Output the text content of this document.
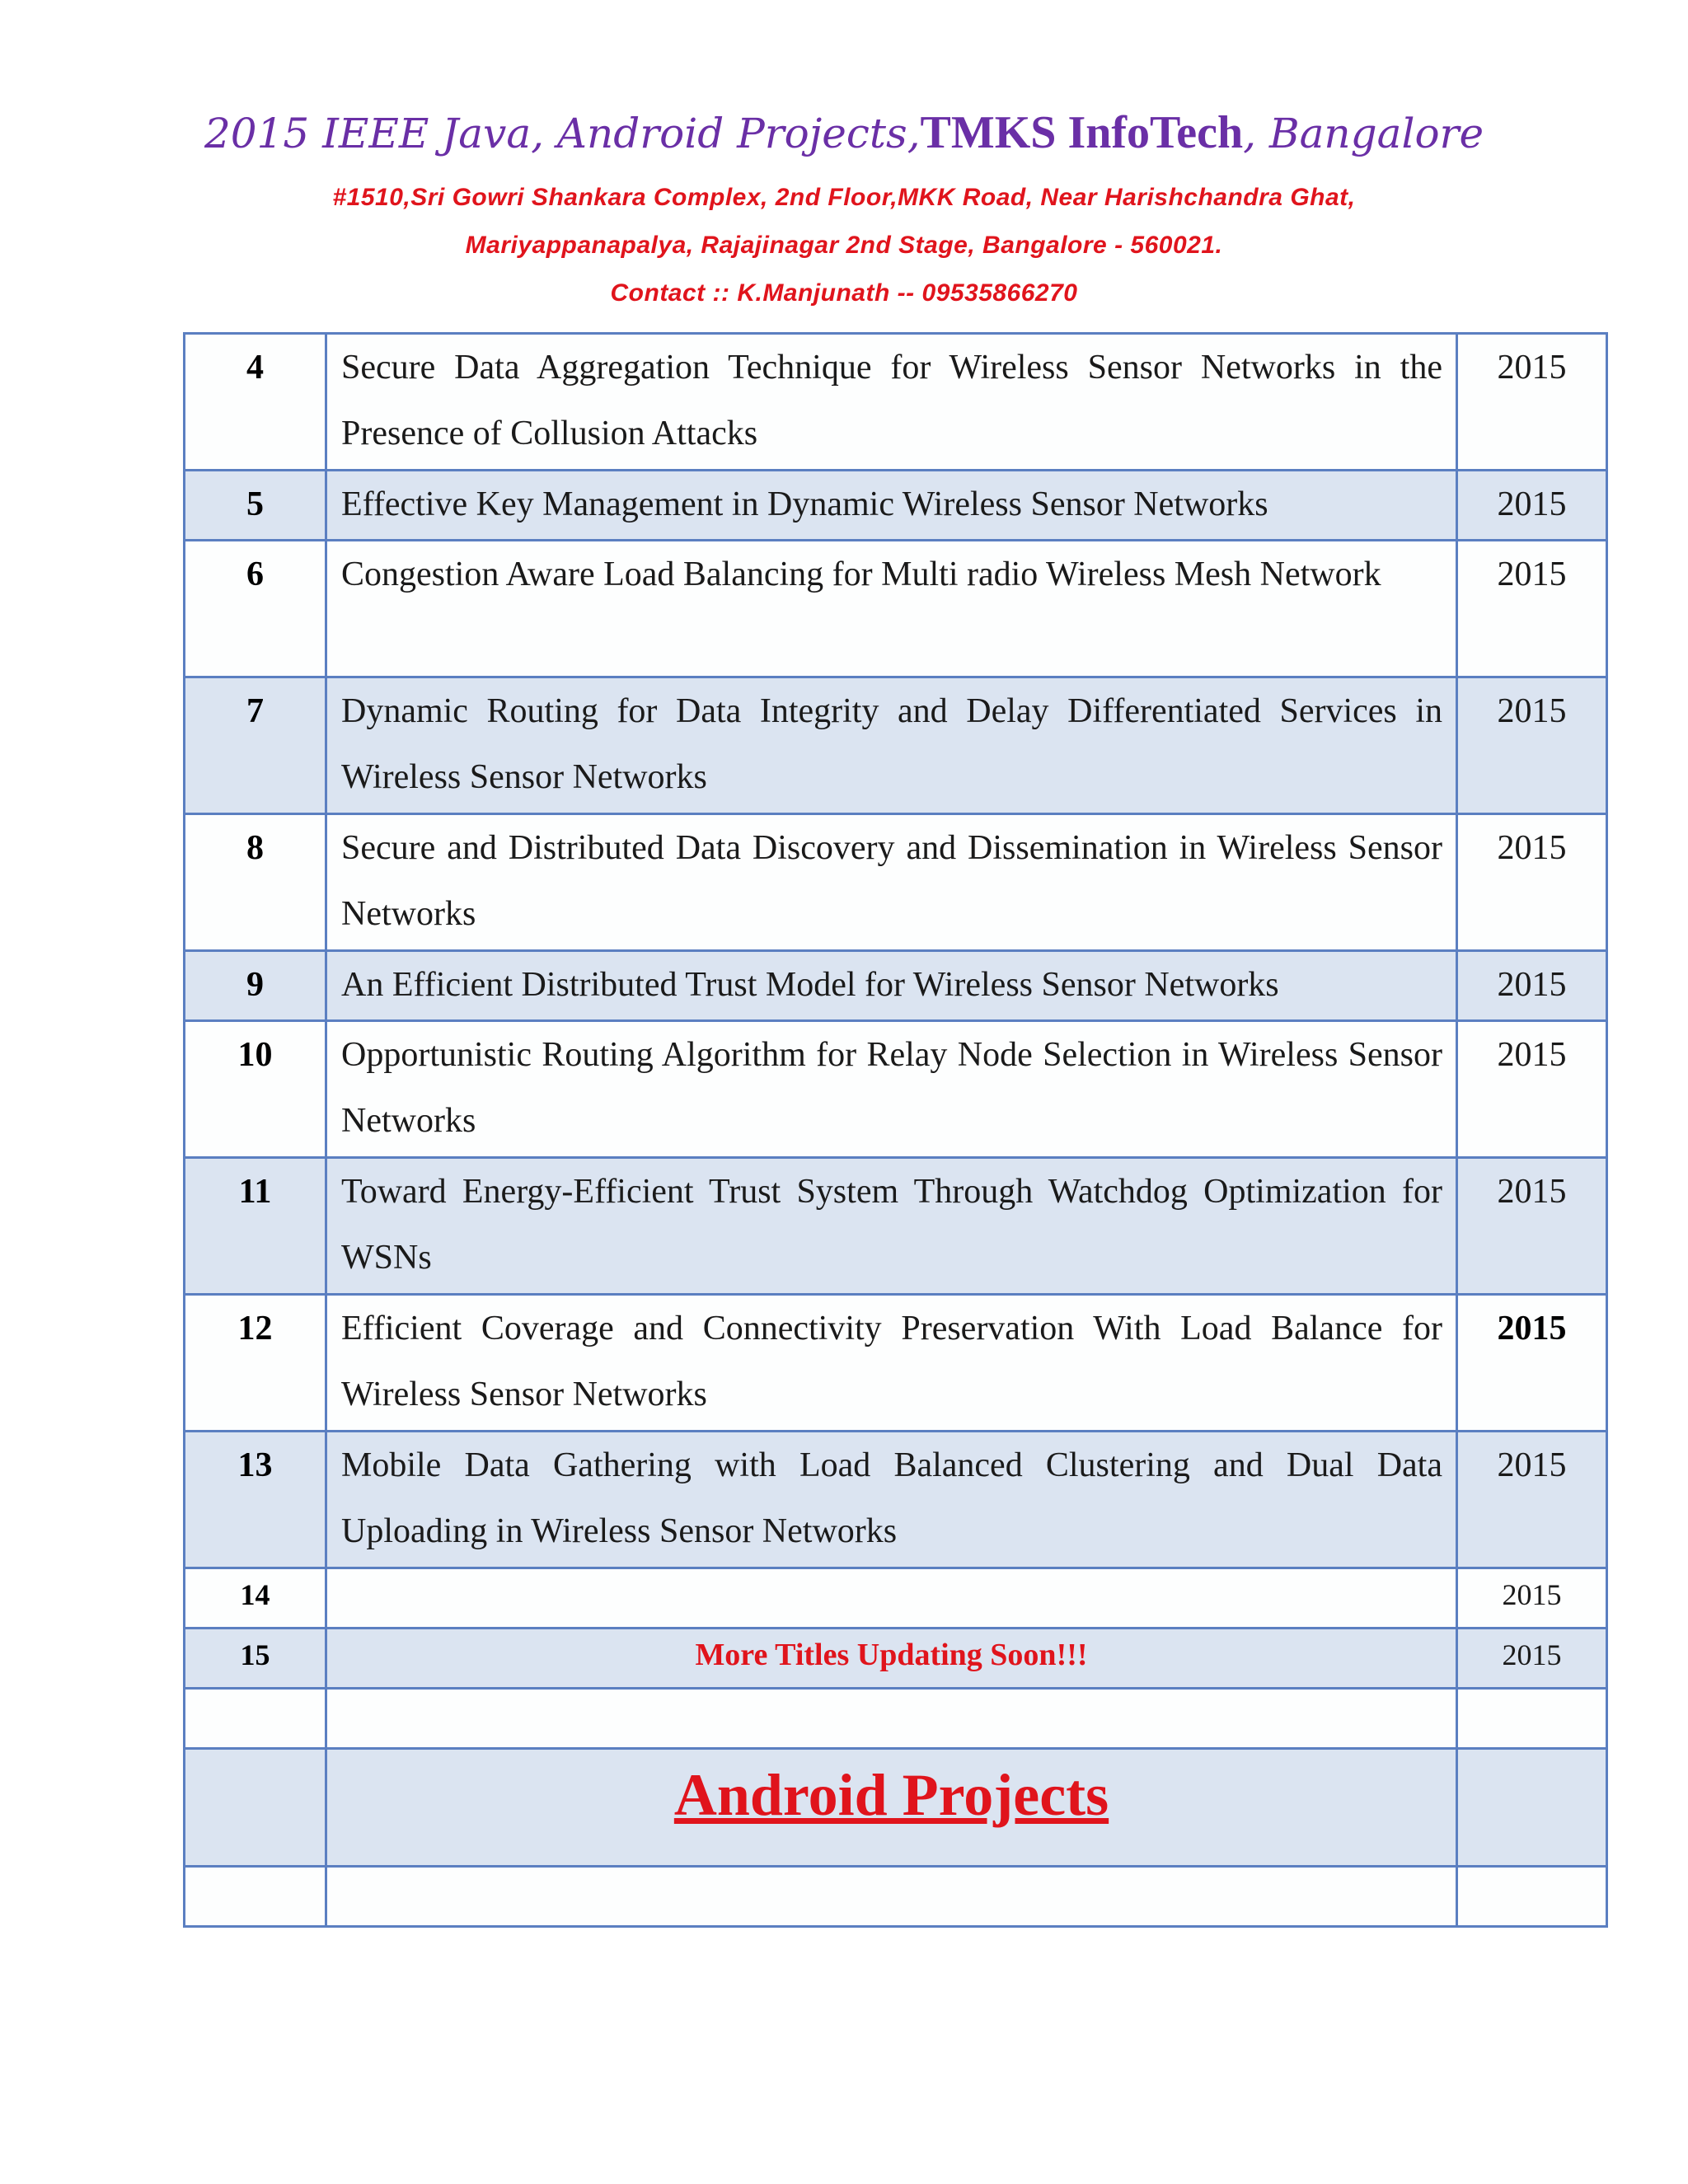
2015 IEEE Java, Android Projects,TMKS InfoTech, Bangalore
#1510,Sri Gowri Shankara Complex, 2nd Floor,MKK Road, Near Harishchandra Ghat,
Mariyappanapalya, Rajajinagar 2nd Stage, Bangalore - 560021.
Contact :: K.Manjunath -- 09535866270
4	Secure Data Aggregation Technique for Wireless Sensor Networks in the Presence of Collusion Attacks	2015
5	Effective Key Management in Dynamic Wireless Sensor Networks	2015
6	Congestion Aware Load Balancing for Multi radio Wireless Mesh Network	2015
7	Dynamic Routing for Data Integrity and Delay Differentiated Services in Wireless Sensor Networks	2015
8	Secure and Distributed Data Discovery and Dissemination in Wireless Sensor Networks	2015
9	An Efficient Distributed Trust Model for Wireless Sensor Networks	2015
10	Opportunistic Routing Algorithm for Relay Node Selection in Wireless Sensor Networks	2015
11	Toward Energy-Efficient Trust System Through Watchdog Optimization for WSNs	2015
12	Efficient Coverage and Connectivity Preservation With Load Balance for Wireless Sensor Networks	2015
13	Mobile Data Gathering with Load Balanced Clustering and Dual Data Uploading in Wireless Sensor Networks	2015
14		2015
15	More Titles Updating Soon!!!	2015

	Android Projects	
